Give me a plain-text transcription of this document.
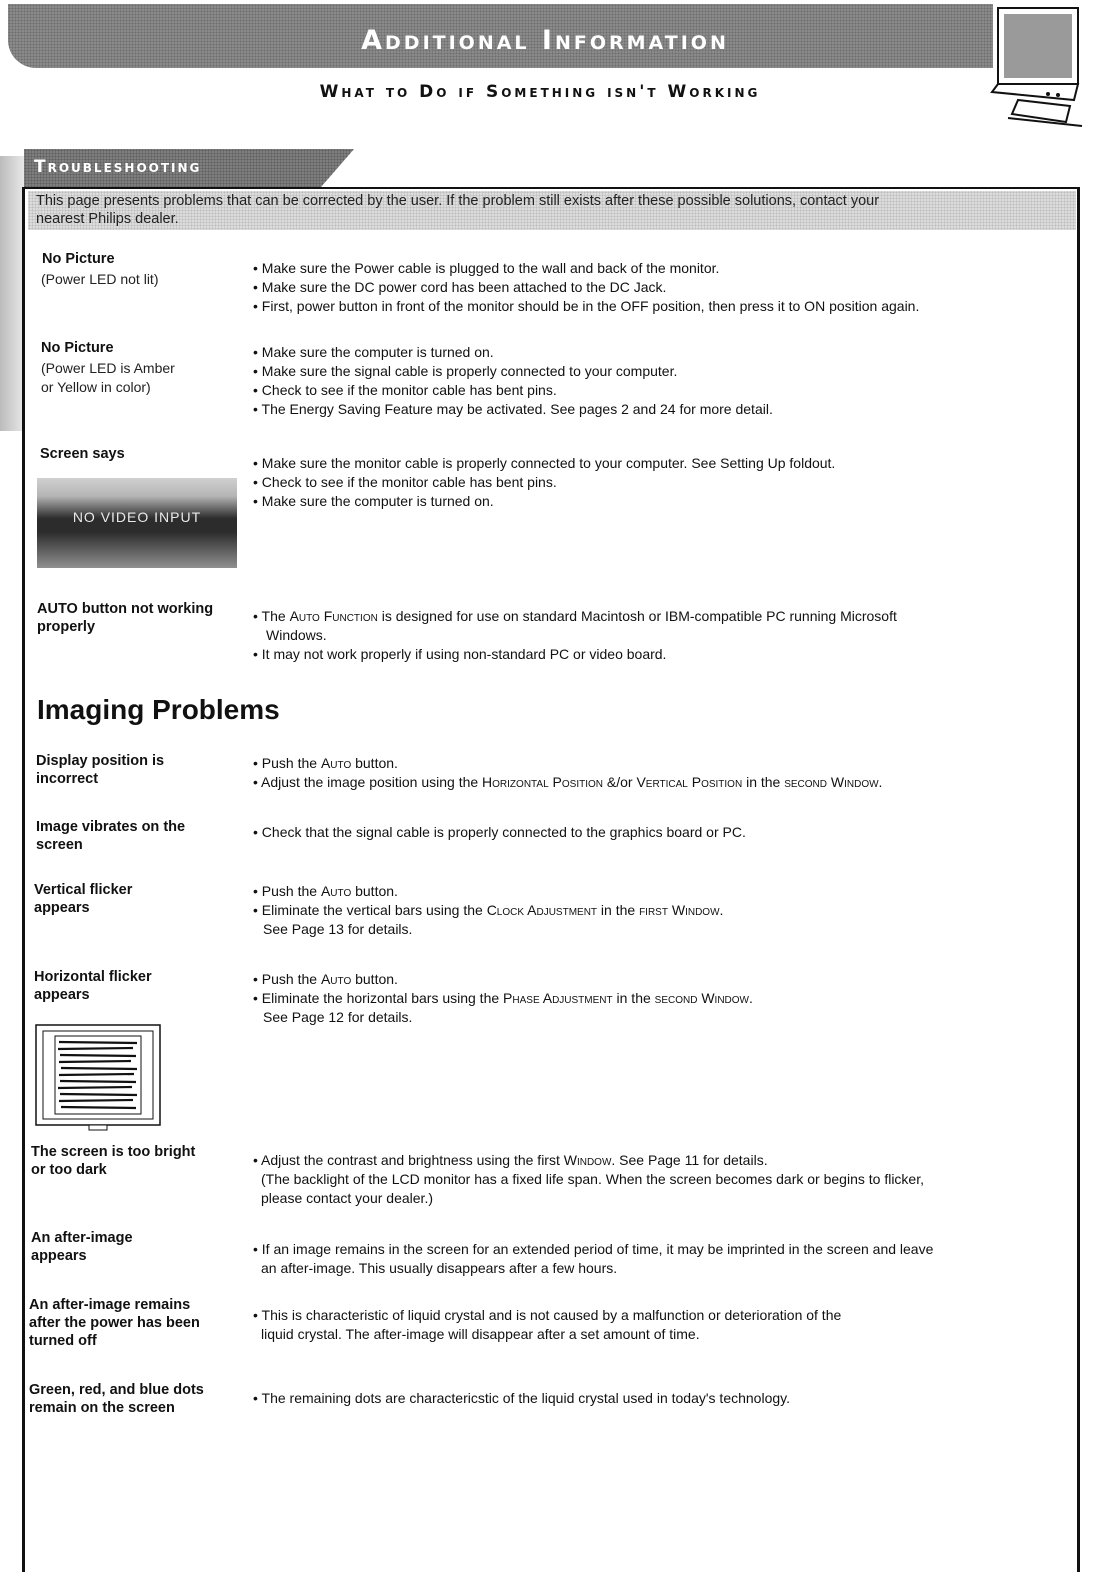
Additional Information
What to Do if Something isn't Working
Troubleshooting
This page presents problems that can be corrected by the user. If the problem still exists after these possible solutions, contact your
nearest Philips dealer.
No Picture
(Power LED not lit)
• Make sure the Power cable is plugged to the wall and back of the monitor.
• Make sure the DC power cord has been attached to the DC Jack.
• First, power button in front of the monitor should be in the OFF position, then press it to ON position again.
No Picture
(Power LED is Amber
or Yellow in color)
• Make sure the computer is turned on.
• Make sure the signal cable is properly connected to your computer.
• Check to see if the monitor cable has bent pins.
• The Energy Saving Feature may be activated. See pages 2 and 24 for more detail.
Screen says
NO VIDEO INPUT
• Make sure the monitor cable is properly connected to your computer. See Setting Up foldout.
• Check to see if the monitor cable has bent pins.
• Make sure the computer is turned on.
AUTO button not working
properly
• The Auto Function is designed for use on standard Macintosh or IBM-compatible PC running Microsoft
Windows.
• It may not work properly if using non-standard PC or video board.
Imaging Problems
Display position is
incorrect
• Push the Auto button.
• Adjust the image position using the Horizontal Position &/or Vertical Position in the second Window.
Image vibrates on the
screen
• Check that the signal cable is properly connected to the graphics board or PC.
Vertical flicker
appears
• Push the Auto button.
• Eliminate the vertical bars using the Clock Adjustment in the first Window.
See Page 13 for details.
Horizontal flicker
appears
• Push the Auto button.
• Eliminate the horizontal bars using the Phase Adjustment in the second Window.
See Page 12 for details.
The screen is too bright
or too dark
• Adjust the contrast and brightness using the first Window. See Page 11 for details.
(The backlight of the LCD monitor has a fixed life span. When the screen becomes dark or begins to flicker,
please contact your dealer.)
An after-image
appears	• If an image remains in the screen for an extended period of time, it may be imprinted in the screen and leave
an after-image. This usually disappears after a few hours.
An after-image remains
after the power has been
turned off
• This is characteristic of liquid crystal and is not caused by a malfunction or deterioration of the
liquid crystal. The after-image will disappear after a set amount of time.
Green, red, and blue dots
remain on the screen
• The remaining dots are charactericstic of the liquid crystal used in today's technology.
